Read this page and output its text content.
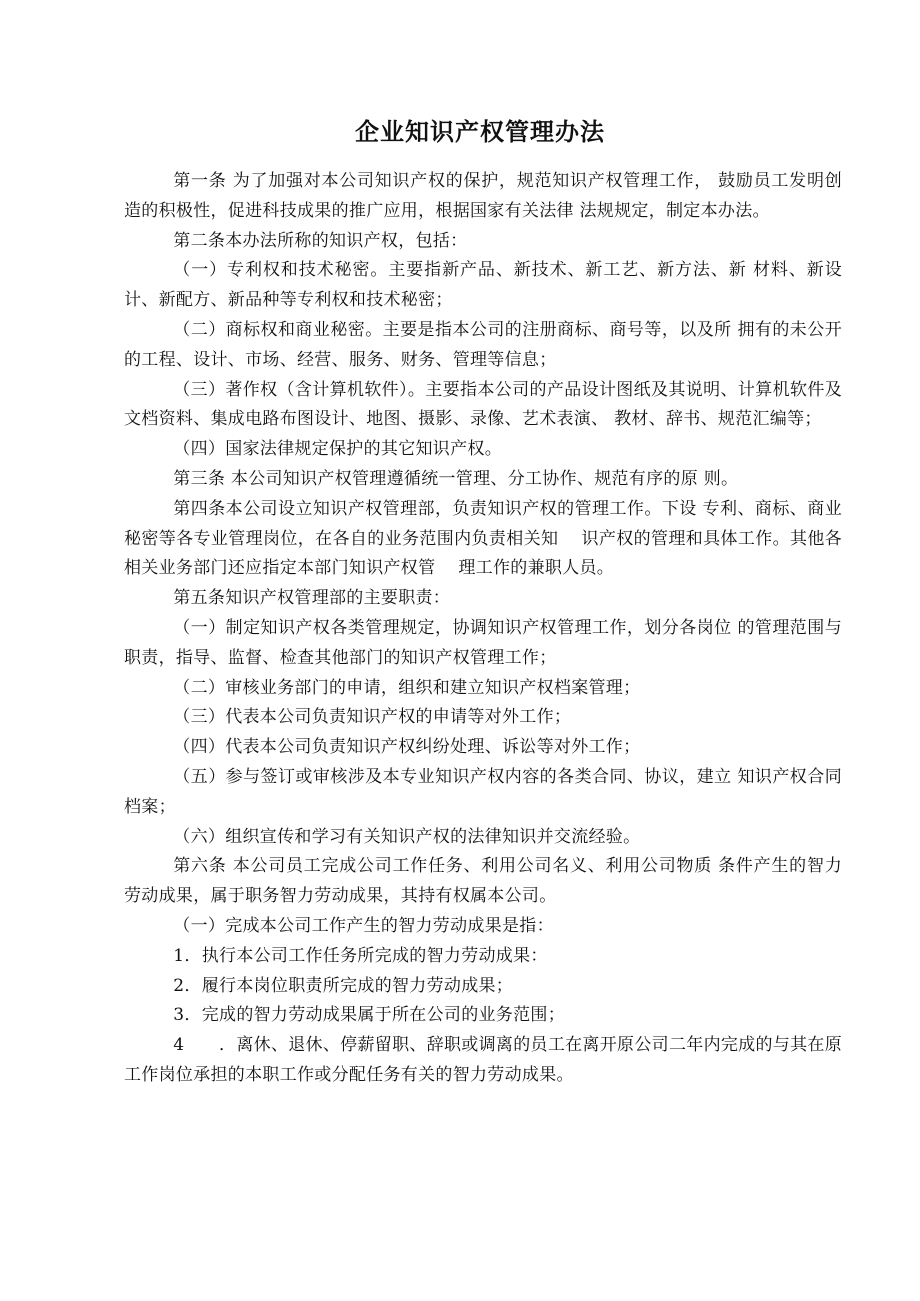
企业知识产权管理办法

第一条 为了加强对本公司知识产权的保护，规范知识产权管理工作， 鼓励员工发明创造的积极性，促进科技成果的推广应用，根据国家有关法律 法规规定，制定本办法。

第二条本办法所称的知识产权，包括：

（一）专利权和技术秘密。主要指新产品、新技术、新工艺、新方法、新 材料、新设计、新配方、新品种等专利权和技术秘密；

（二）商标权和商业秘密。主要是指本公司的注册商标、商号等，以及所 拥有的未公开的工程、设计、市场、经营、服务、财务、管理等信息；

（三）著作权（含计算机软件）。主要指本公司的产品设计图纸及其说明、计算机软件及文档资料、集成电路布图设计、地图、摄影、录像、艺术表演、 教材、辞书、规范汇编等；

（四）国家法律规定保护的其它知识产权。

第三条 本公司知识产权管理遵循统一管理、分工协作、规范有序的原 则。

第四条本公司设立知识产权管理部，负责知识产权的管理工作。下设 专利、商标、商业秘密等各专业管理岗位，在各自的业务范围内负责相关知　 识产权的管理和具体工作。其他各相关业务部门还应指定本部门知识产权管　 理工作的兼职人员。

第五条知识产权管理部的主要职责：

（一）制定知识产权各类管理规定，协调知识产权管理工作，划分各岗位 的管理范围与职责，指导、监督、检查其他部门的知识产权管理工作；

（二）审核业务部门的申请，组织和建立知识产权档案管理；

（三）代表本公司负责知识产权的申请等对外工作；

（四）代表本公司负责知识产权纠纷处理、诉讼等对外工作；

（五）参与签订或审核涉及本专业知识产权内容的各类合同、协议，建立 知识产权合同档案；

（六）组织宣传和学习有关知识产权的法律知识并交流经验。

第六条 本公司员工完成公司工作任务、利用公司名义、利用公司物质 条件产生的智力劳动成果，属于职务智力劳动成果，其持有权属本公司。

（一）完成本公司工作产生的智力劳动成果是指：

1．执行本公司工作任务所完成的智力劳动成果：

2．履行本岗位职责所完成的智力劳动成果；

3．完成的智力劳动成果属于所在公司的业务范围；

4　　．离休、退休、停薪留职、辞职或调离的员工在离开原公司二年内完成的与其在原工作岗位承担的本职工作或分配任务有关的智力劳动成果。
